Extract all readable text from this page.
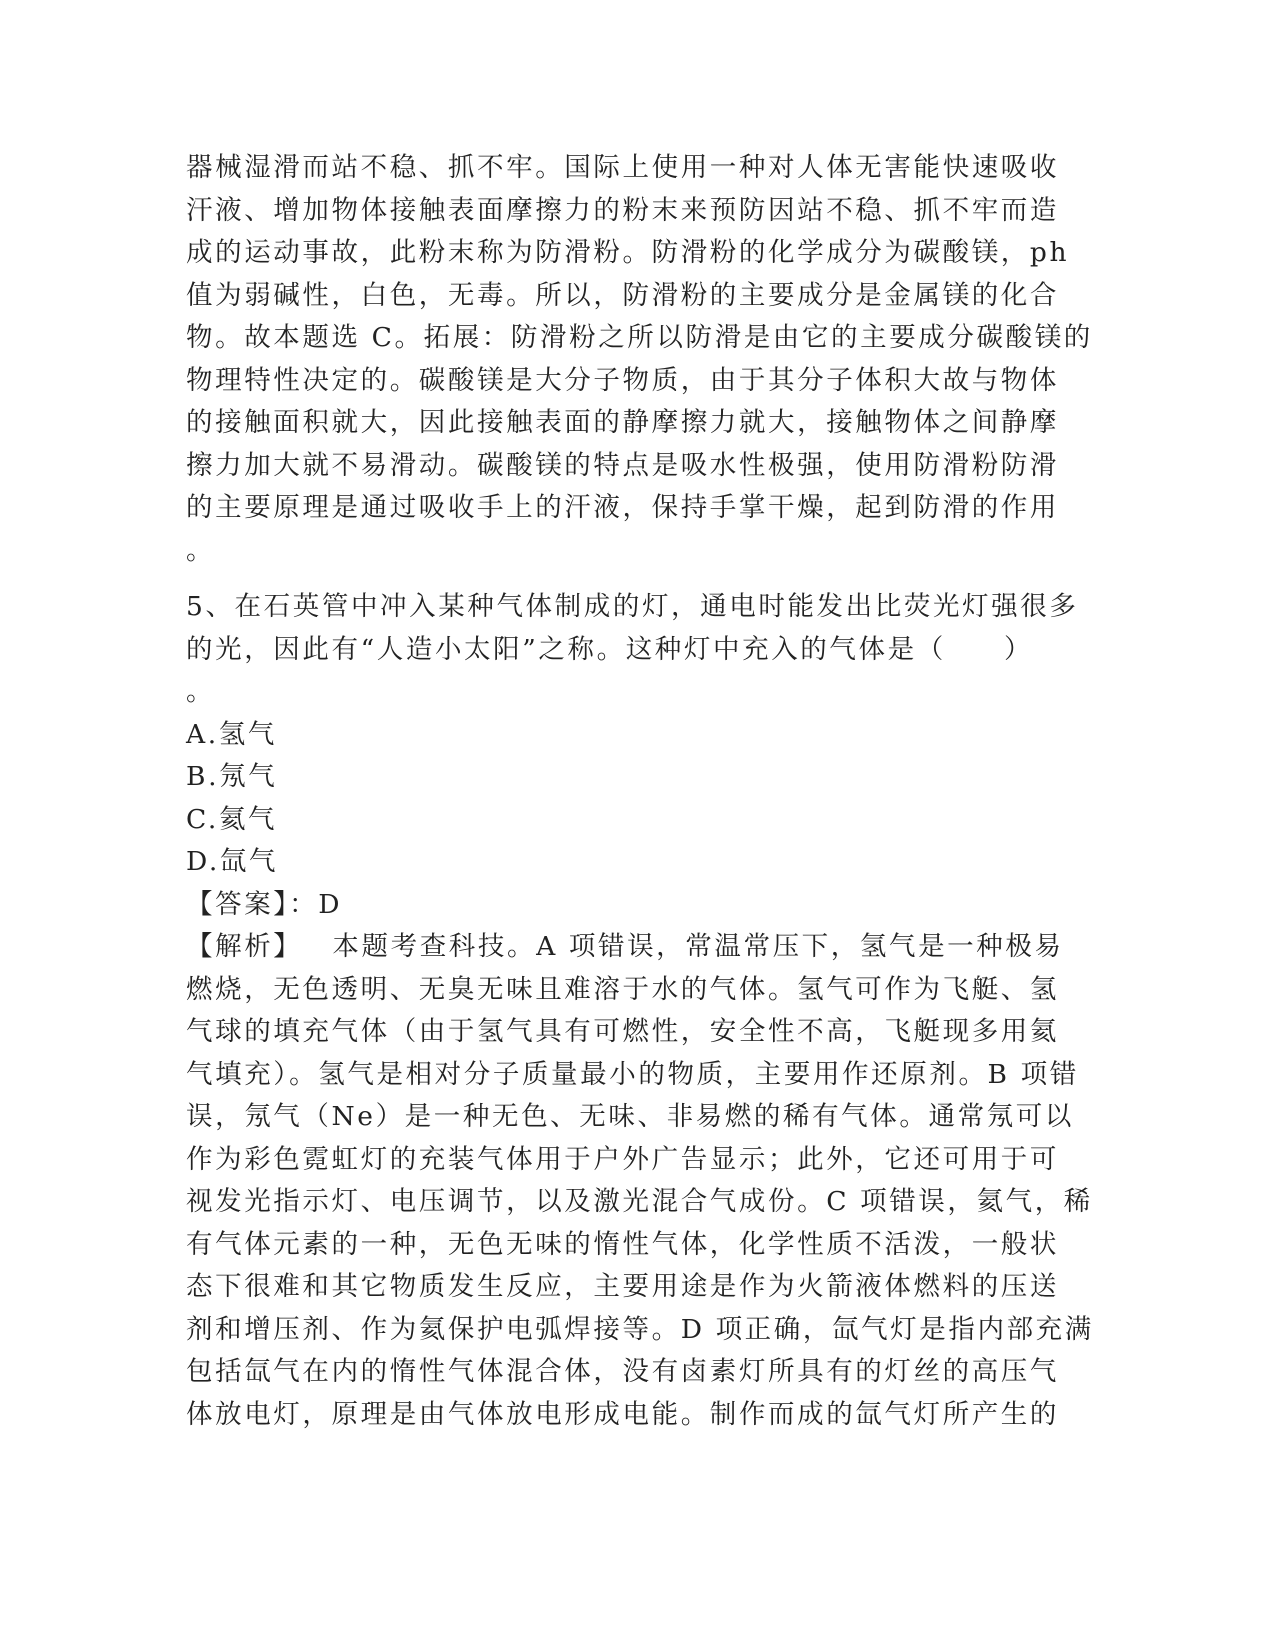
器械湿滑而站不稳、抓不牢。国际上使用一种对人体无害能快速吸收
汗液、增加物体接触表面摩擦力的粉末来预防因站不稳、抓不牢而造
成的运动事故，此粉末称为防滑粉。防滑粉的化学成分为碳酸镁，ph
值为弱碱性，白色，无毒。所以，防滑粉的主要成分是金属镁的化合
物。故本题选 C。拓展：防滑粉之所以防滑是由它的主要成分碳酸镁的
物理特性决定的。碳酸镁是大分子物质，由于其分子体积大故与物体
的接触面积就大，因此接触表面的静摩擦力就大，接触物体之间静摩
擦力加大就不易滑动。碳酸镁的特点是吸水性极强，使用防滑粉防滑
的主要原理是通过吸收手上的汗液，保持手掌干燥，起到防滑的作用
。
5、在石英管中冲入某种气体制成的灯，通电时能发出比荧光灯强很多
的光，因此有“人造小太阳”之称。这种灯中充入的气体是（　　）
。
A.氢气
B.氖气
C.氦气
D.氙气
【答案】：D
【解析】 本题考查科技。A 项错误，常温常压下，氢气是一种极易
燃烧，无色透明、无臭无味且难溶于水的气体。氢气可作为飞艇、氢
气球的填充气体（由于氢气具有可燃性，安全性不高，飞艇现多用氦
气填充）。氢气是相对分子质量最小的物质，主要用作还原剂。B 项错
误，氖气（Ne）是一种无色、无味、非易燃的稀有气体。通常氖可以
作为彩色霓虹灯的充装气体用于户外广告显示；此外，它还可用于可
视发光指示灯、电压调节，以及激光混合气成份。C 项错误，氦气，稀
有气体元素的一种，无色无味的惰性气体，化学性质不活泼，一般状
态下很难和其它物质发生反应，主要用途是作为火箭液体燃料的压送
剂和增压剂、作为氦保护电弧焊接等。D 项正确，氙气灯是指内部充满
包括氙气在内的惰性气体混合体，没有卤素灯所具有的灯丝的高压气
体放电灯，原理是由气体放电形成电能。制作而成的氙气灯所产生的
